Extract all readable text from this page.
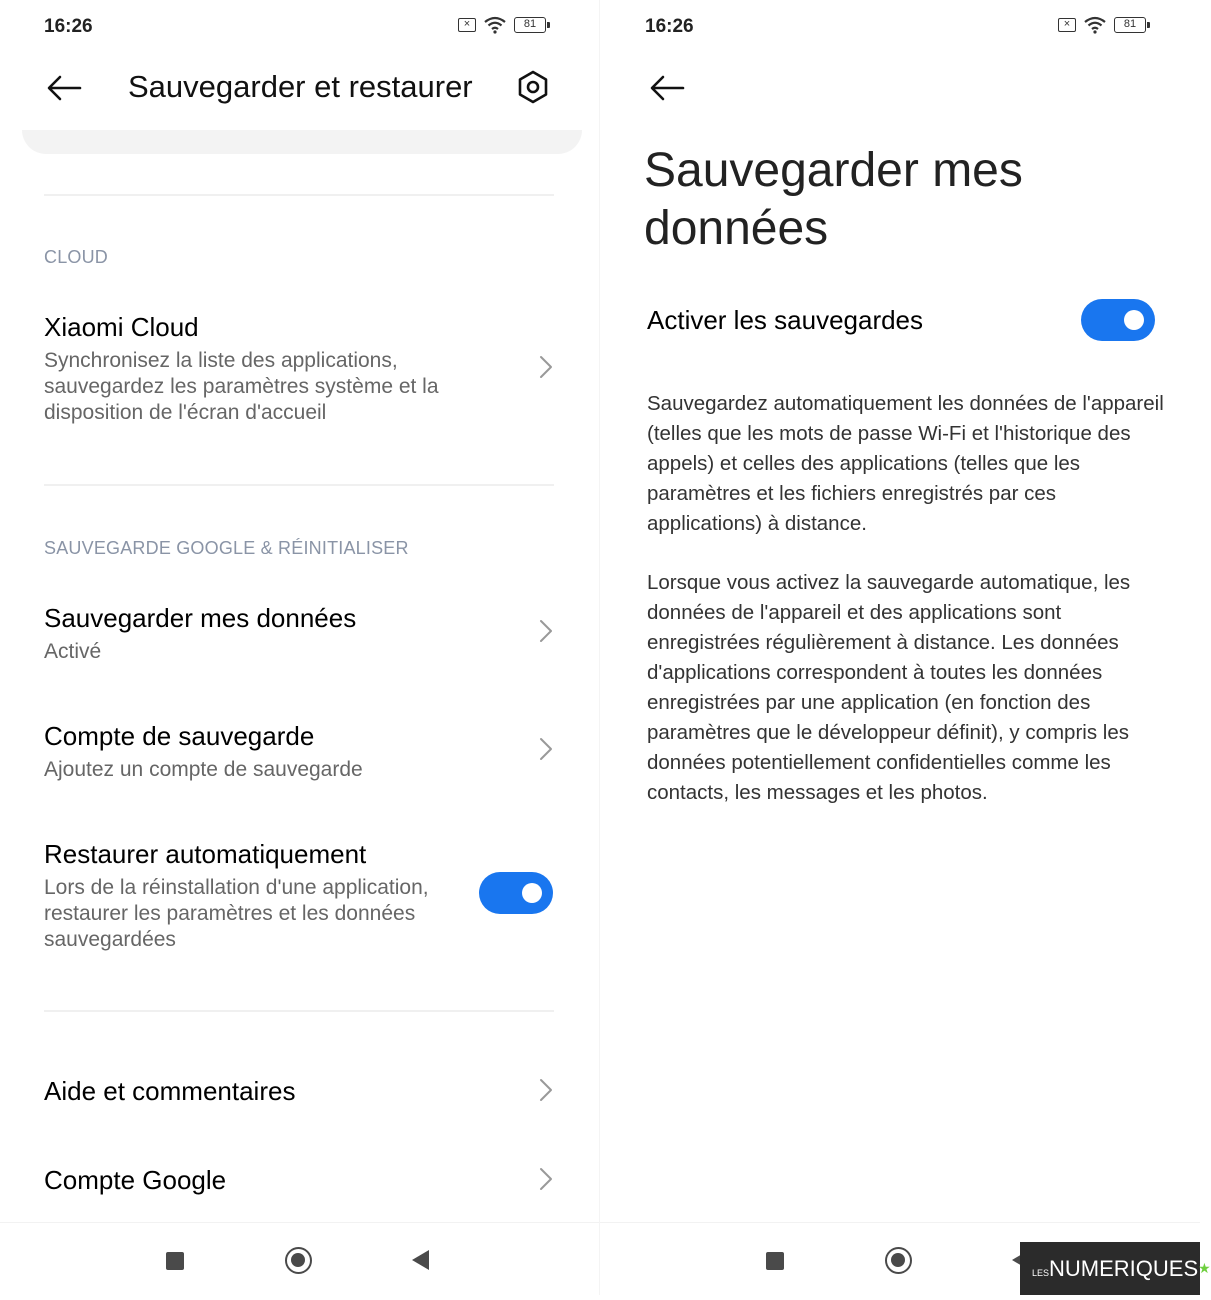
16:26	×	81
Sauvegarder et restaurer
CLOUD
Xiaomi Cloud
Synchronisez la liste des applications, sauvegardez les paramètres système et la disposition de l'écran d'accueil
SAUVEGARDE GOOGLE & RÉINITIALISER
Sauvegarder mes données
Activé
Compte de sauvegarde
Ajoutez un compte de sauvegarde
Restaurer automatiquement
Lors de la réinstallation d'une application, restaurer les paramètres et les données sauvegardées
Aide et commentaires
Compte Google
16:26	×	81
Sauvegarder mes données
Activer les sauvegardes
Sauvegardez automatiquement les données de l'appareil (telles que les mots de passe Wi-Fi et l'historique des appels) et celles des applications (telles que les paramètres et les fichiers enregistrés par ces applications) à distance.
Lorsque vous activez la sauvegarde automatique, les données de l'appareil et des applications sont enregistrées régulièrement à distance. Les données d'applications correspondent à toutes les données enregistrées par une application (en fonction des paramètres que le développeur définit), y compris les données potentiellement confidentielles comme les contacts, les messages et les photos.
LESNUMERIQUES★
